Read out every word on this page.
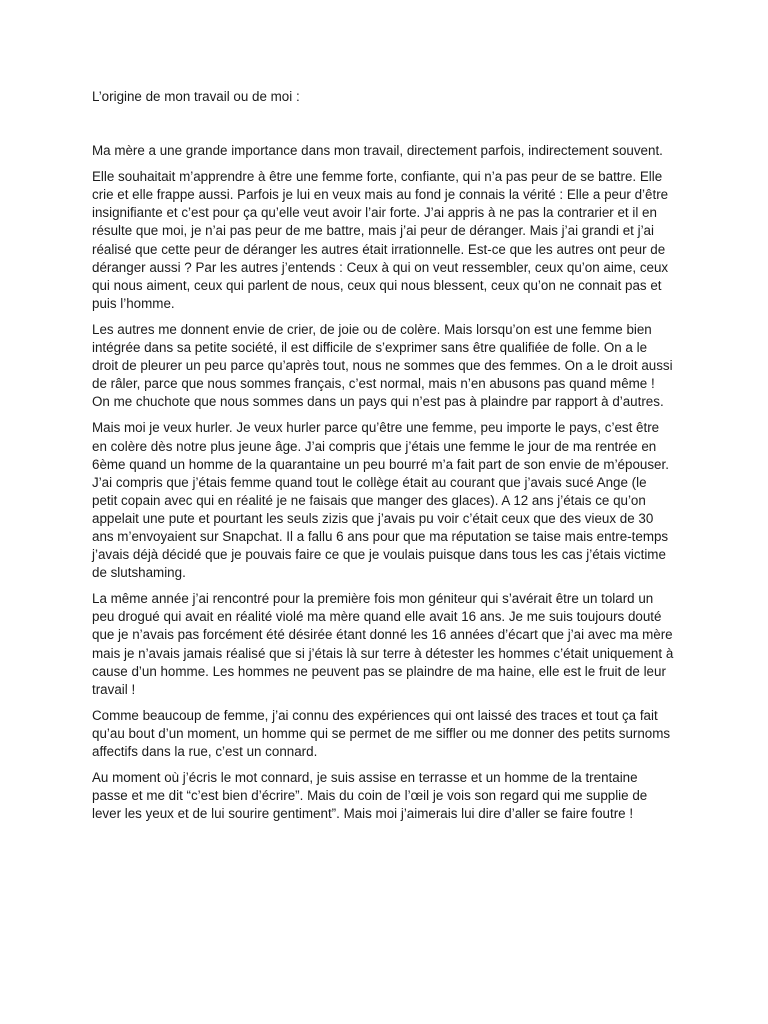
L’origine de mon travail ou de moi :

Ma mère a une grande importance dans mon travail, directement parfois, indirectement souvent.

Elle souhaitait m’apprendre à être une femme forte, confiante, qui n’a pas peur de se battre. Elle crie et elle frappe aussi. Parfois je lui en veux mais au fond je connais la vérité : Elle a peur d’être insignifiante et c’est pour ça qu’elle veut avoir l’air forte. J’ai appris à ne pas la contrarier et il en résulte que moi, je n’ai pas peur de me battre, mais j’ai peur de déranger. Mais j’ai grandi et j’ai réalisé que cette peur de déranger les autres était irrationnelle. Est-ce que les autres ont peur de déranger aussi ? Par les autres j’entends : Ceux à qui on veut ressembler, ceux qu’on aime, ceux qui nous aiment, ceux qui parlent de nous, ceux qui nous blessent, ceux qu’on ne connait pas et puis l’homme.

Les autres me donnent envie de crier, de joie ou de colère. Mais lorsqu’on est une femme bien intégrée dans sa petite société, il est difficile de s’exprimer sans être qualifiée de folle. On a le droit de pleurer un peu parce qu’après tout, nous ne sommes que des femmes. On a le droit aussi de râler, parce que nous sommes français, c’est normal, mais n’en abusons pas quand même ! On me chuchote que nous sommes dans un pays qui n’est pas à plaindre par rapport à d’autres.

Mais moi je veux hurler. Je veux hurler parce qu’être une femme, peu importe le pays, c’est être en colère dès notre plus jeune âge. J’ai compris que j’étais une femme le jour de ma rentrée en 6ème quand un homme de la quarantaine un peu bourré m’a fait part de son envie de m’épouser. J’ai compris que j’étais femme quand tout le collège était au courant que j’avais sucé Ange (le petit copain avec qui en réalité je ne faisais que manger des glaces). A 12 ans j’étais ce qu’on appelait une pute et pourtant les seuls zizis que j’avais pu voir c’était ceux que des vieux de 30 ans m’envoyaient sur Snapchat. Il a fallu 6 ans pour que ma réputation se taise mais entre-temps j’avais déjà décidé que je pouvais faire ce que je voulais puisque dans tous les cas j’étais victime de slutshaming.

La même année j’ai rencontré pour la première fois mon géniteur qui s’avérait être un tolard un peu drogué qui avait en réalité violé ma mère quand elle avait 16 ans. Je me suis toujours douté que je n’avais pas forcément été désirée étant donné les 16 années d’écart que j’ai avec ma mère mais je n’avais jamais réalisé que si j’étais là sur terre à détester les hommes c’était uniquement à cause d’un homme. Les hommes ne peuvent pas se plaindre de ma haine, elle est le fruit de leur travail !

Comme beaucoup de femme, j’ai connu des expériences qui ont laissé des traces et tout ça fait qu’au bout d’un moment, un homme qui se permet de me siffler ou me donner des petits surnoms affectifs dans la rue, c’est un connard.

Au moment où j’écris le mot connard, je suis assise en terrasse et un homme de la trentaine passe et me dit “c’est bien d’écrire”. Mais du coin de l’œil je vois son regard qui me supplie de lever les yeux et de lui sourire gentiment”. Mais moi j’aimerais lui dire d’aller se faire foutre !
